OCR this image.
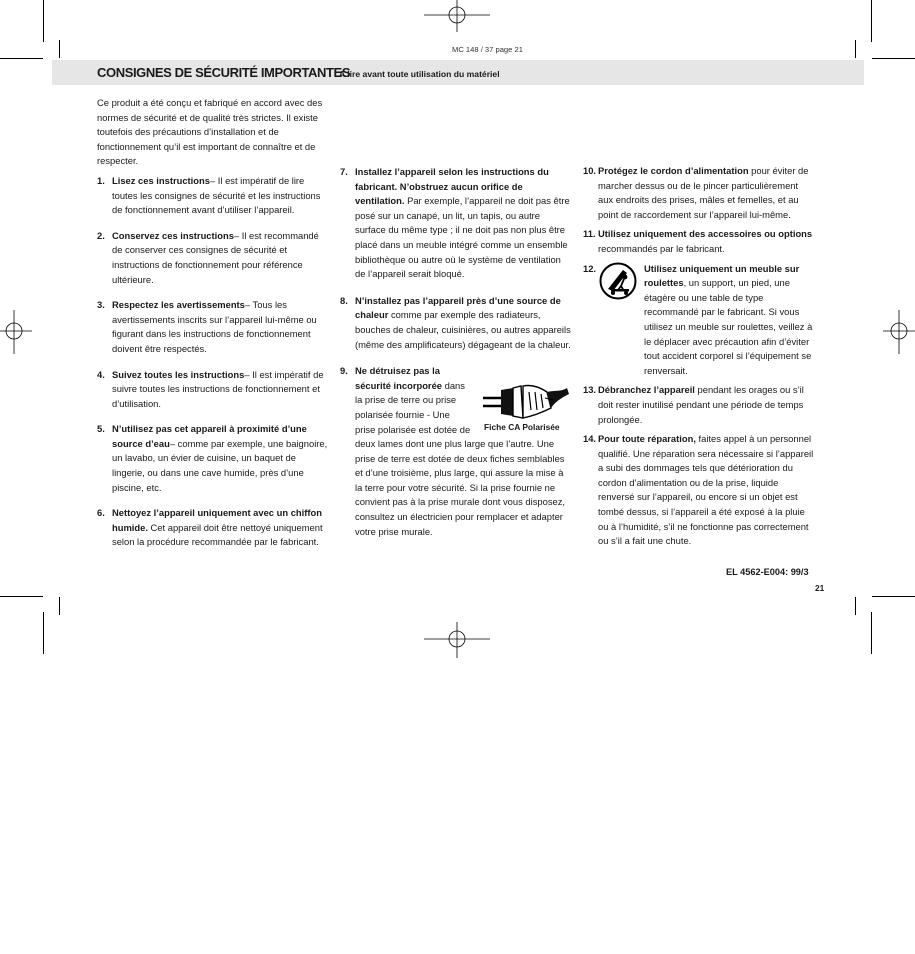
MC 148 / 37 page 21
CONSIGNES DE SÉCURITÉ IMPORTANTES
A lire avant toute utilisation du matériel

Ce produit a été conçu et fabriqué en accord avec des normes de sécurité et de qualité très strictes. Il existe toutefois des précautions d’installation et de fonctionnement qu’il est important de connaître et de respecter.

1. Lisez ces instructions– Il est impératif de lire toutes les consignes de sécurité et les instructions de fonctionnement avant d’utiliser l’appareil.

2. Conservez ces instructions– Il est recommandé de conserver ces consignes de sécurité et instructions de fonctionnement pour référence ultérieure.

3. Respectez les avertissements– Tous les avertissements inscrits sur l’appareil lui-même ou figurant dans les instructions de fonctionnement doivent être respectés.

4. Suivez toutes les instructions– Il est impératif de suivre toutes les instructions de fonctionnement et d’utilisation.

5. N’utilisez pas cet appareil à proximité d’une source d’eau– comme par exemple, une baignoire, un lavabo, un évier de cuisine, un baquet de lingerie, ou dans une cave humide, près d’une piscine, etc.

6. Nettoyez l’appareil uniquement avec un chiffon humide. Cet appareil doit être nettoyé uniquement selon la procédure recommandée par le fabricant.

7. Installez l’appareil selon les instructions du fabricant. N’obstruez aucun orifice de ventilation. Par exemple, l’appareil ne doit pas être posé sur un canapé, un lit, un tapis, ou autre surface du même type ; il ne doit pas non plus être placé dans un meuble intégré comme un ensemble bibliothèque ou autre où le système de ventilation de l’appareil serait bloqué.

8. N’installez pas l’appareil près d’une source de chaleur comme par exemple des radiateurs, bouches de chaleur, cuisinières, ou autres appareils (même des amplificateurs) dégageant de la chaleur.

9. Ne détruisez pas la sécurité incorporée dans la prise de terre ou prise polarisée fournie - Une prise polarisée est dotée de deux lames dont une plus large que l’autre. Une prise de terre est dotée de deux fiches semblables et d’une troisième, plus large, qui assure la mise à la terre pour votre sécurité. Si la prise fournie ne convient pas à la prise murale dont vous disposez, consultez un électricien pour remplacer et adapter votre prise murale.
Fiche CA Polarisée

10. Protégez le cordon d’alimentation pour éviter de marcher dessus ou de le pincer particulièrement aux endroits des prises, mâles et femelles, et au point de raccordement sur l’appareil lui-même.

11. Utilisez uniquement des accessoires ou options recommandés par le fabricant.

12.	Utilisez uniquement un meuble sur roulettes, un support, un pied, une étagère ou une table de type recommandé par le fabricant. Si vous utilisez un meuble sur roulettes, veillez à le déplacer avec précaution afin d’éviter tout accident corporel si l’équipement se renversait.

13. Débranchez l’appareil pendant les orages ou s’il doit rester inutilisé pendant une période de temps prolongée.

14. Pour toute réparation, faites appel à un personnel qualifié. Une réparation sera nécessaire si l’appareil a subi des dommages tels que détérioration du cordon d’alimentation ou de la prise, liquide renversé sur l’appareil, ou encore si un objet est tombé dessus, si l’appareil a été exposé à la pluie ou à l’humidité, s’il ne fonctionne pas correctement ou s’il a fait une chute.

EL 4562-E004: 99/3
21
